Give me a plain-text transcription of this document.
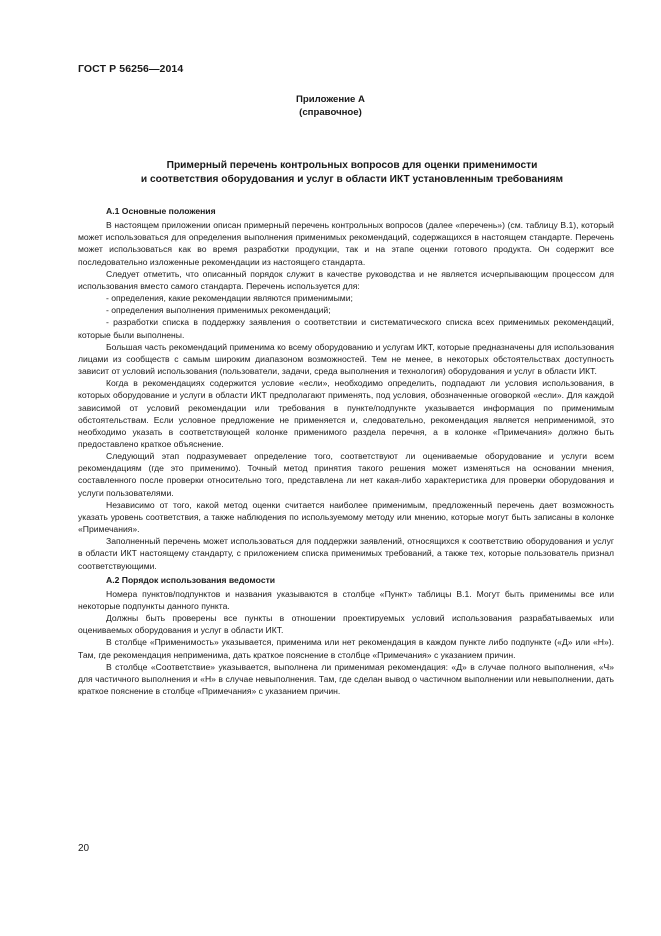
ГОСТ Р 56256—2014
Приложение А
(справочное)
Примерный перечень контрольных вопросов для оценки применимости
и соответствия оборудования и услуг в области ИКТ установленным требованиям

А.1 Основные положения

В настоящем приложении описан примерный перечень контрольных вопросов (далее «перечень») (см. таблицу В.1), который может использоваться для определения выполнения применимых рекомендаций, содержащихся в настоящем стандарте. Перечень может использоваться как во время разработки продукции, так и на этапе оценки готового продукта. Он содержит все последовательно изложенные рекомендации из настоящего стандарта.

Следует отметить, что описанный порядок служит в качестве руководства и не является исчерпывающим процессом для использования вместо самого стандарта. Перечень используется для:

- определения, какие рекомендации являются применимыми;

- определения выполнения применимых рекомендаций;

- разработки списка в поддержку заявления о соответствии и систематического списка всех применимых рекомендаций, которые были выполнены.

Большая часть рекомендаций применима ко всему оборудованию и услугам ИКТ, которые предназначены для использования лицами из сообществ с самым широким диапазоном возможностей. Тем не менее, в некоторых обстоятельствах доступность зависит от условий использования (пользователи, задачи, среда выполнения и технология) оборудования и услуг в области ИКТ.

Когда в рекомендациях содержится условие «если», необходимо определить, подпадают ли условия использования, в которых оборудование и услуги в области ИКТ предполагают применять, под условия, обозначенные оговоркой «если». Для каждой зависимой от условий рекомендации или требования в пункте/подпункте указывается информация по применимым обстоятельствам. Если условное предложение не применяется и, следовательно, рекомендация является неприменимой, это необходимо указать в соответствующей колонке применимого раздела перечня, а в колонке «Примечания» должно быть предоставлено краткое объяснение.

Следующий этап подразумевает определение того, соответствуют ли оцениваемые оборудование и услуги всем рекомендациям (где это применимо). Точный метод принятия такого решения может изменяться на основании мнения, составленного после проверки относительно того, представлена ли нет какая-либо характеристика для проверки оборудования и услуги пользователями.

Независимо от того, какой метод оценки считается наиболее применимым, предложенный перечень дает возможность указать уровень соответствия, а также наблюдения по используемому методу или мнению, которые могут быть записаны в колонке «Примечания».

Заполненный перечень может использоваться для поддержки заявлений, относящихся к соответствию оборудования и услуг в области ИКТ настоящему стандарту, с приложением списка применимых требований, а также тех, которые пользователь признал соответствующими.

А.2 Порядок использования ведомости

Номера пунктов/подпунктов и названия указываются в столбце «Пункт» таблицы В.1. Могут быть применимы все или некоторые подпункты данного пункта.

Должны быть проверены все пункты в отношении проектируемых условий использования разрабатываемых или оцениваемых оборудования и услуг в области ИКТ.

В столбце «Применимость» указывается, применима или нет рекомендация в каждом пункте либо подпункте («Д» или «Н»). Там, где рекомендация неприменима, дать краткое пояснение в столбце «Примечания» с указанием причин.

В столбце «Соответствие» указывается, выполнена ли применимая рекомендация: «Д» в случае полного выполнения, «Ч» для частичного выполнения и «Н» в случае невыполнения. Там, где сделан вывод о частичном выполнении или невыполнении, дать краткое пояснение в столбце «Примечания» с указанием причин.

20
